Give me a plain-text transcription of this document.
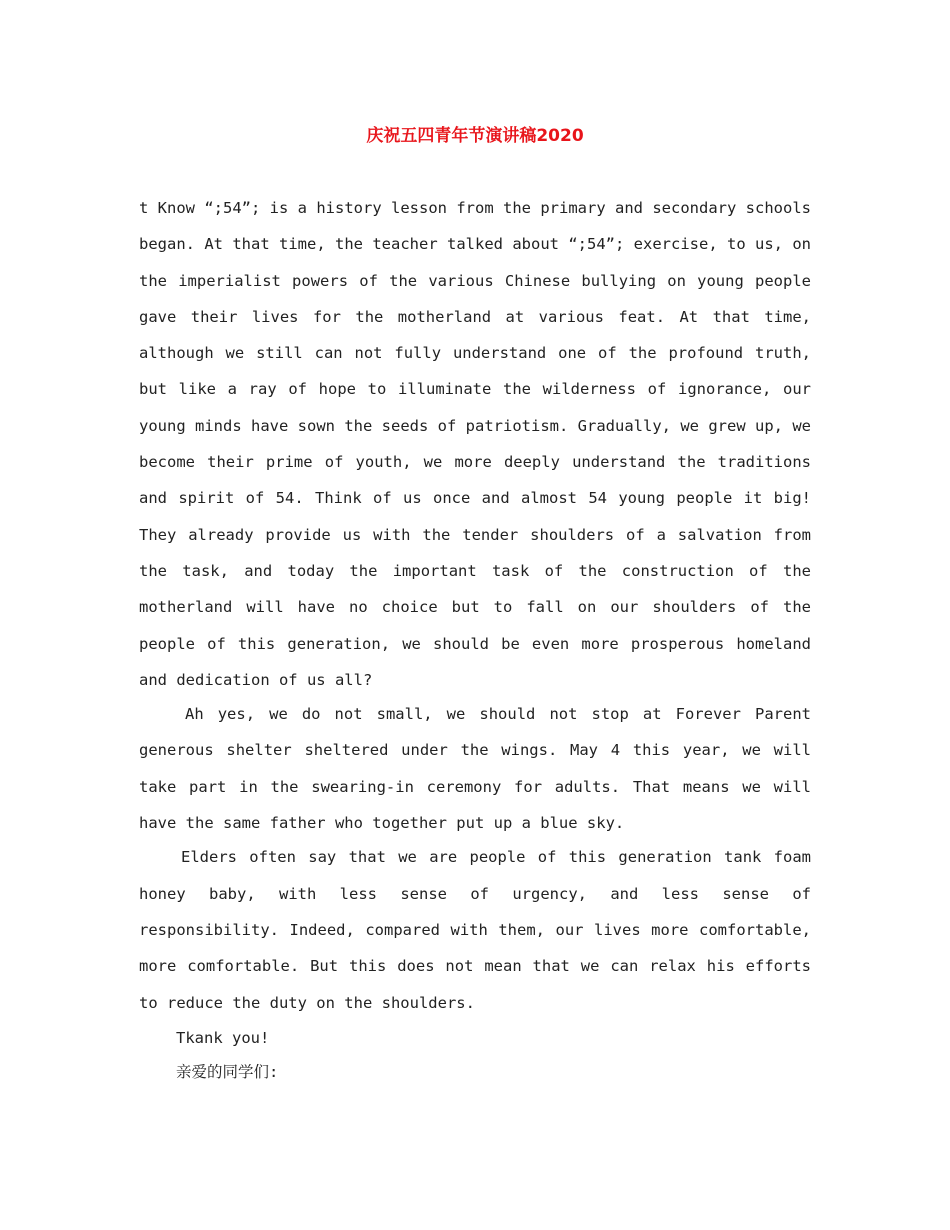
庆祝五四青年节演讲稿2020

t Know “;54”; is a history lesson from the primary and secondary schools began. At that time, the teacher talked about “;54”; exercise, to us, on the imperialist powers of the various Chinese bullying on young people gave their lives for the motherland at various feat. At that time, although we still can not fully understand one of the profound truth, but like a ray of hope to illuminate the wilderness of ignorance, our young minds have sown the seeds of patriotism. Gradually, we grew up, we become their prime of youth, we more deeply understand the traditions and spirit of 54. Think of us once and almost 54 young people it big! They already provide us with the tender shoulders of a salvation from the task, and today the important task of the construction of the motherland will have no choice but to fall on our shoulders of the people of this generation, we should be even more prosperous homeland and dedication of us all?

Ah yes, we do not small, we should not stop at Forever Parent generous shelter sheltered under the wings. May 4 this year, we will take part in the swearing-in ceremony for adults. That means we will have the same father who together put up a blue sky.

Elders often say that we are people of this generation tank foam honey baby, with less sense of urgency, and less sense of responsibility. Indeed, compared with them, our lives more comfortable, more comfortable. But this does not mean that we can relax his efforts to reduce the duty on the shoulders.

Tkank you!

亲爱的同学们:
